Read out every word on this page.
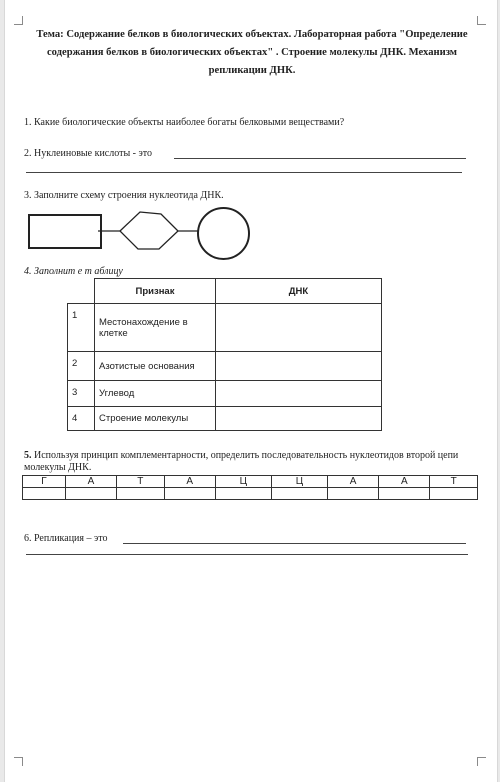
Тема: Содержание белков в биологических объектах. Лабораторная работа "Определение содержания белков в биологических объектах" . Строение молекулы ДНК. Механизм репликации ДНК.
1. Какие биологические объекты наиболее богаты белковыми веществами?
2. Нуклеиновые кислоты - это
3. Заполните схему строения нуклеотида ДНК.
4. Заполнит е т аблицу
	Признак	ДНК
1	Местонахождение в клетке	
2	Азотистые основания	
3	Углевод	
4	Строение молекулы	
5. Используя принцип комплементарности, определить последовательность нуклеотидов второй цепи молекулы ДНК.
Г	А	Т	А	Ц	Ц	А	А	Т

6. Репликация – это
